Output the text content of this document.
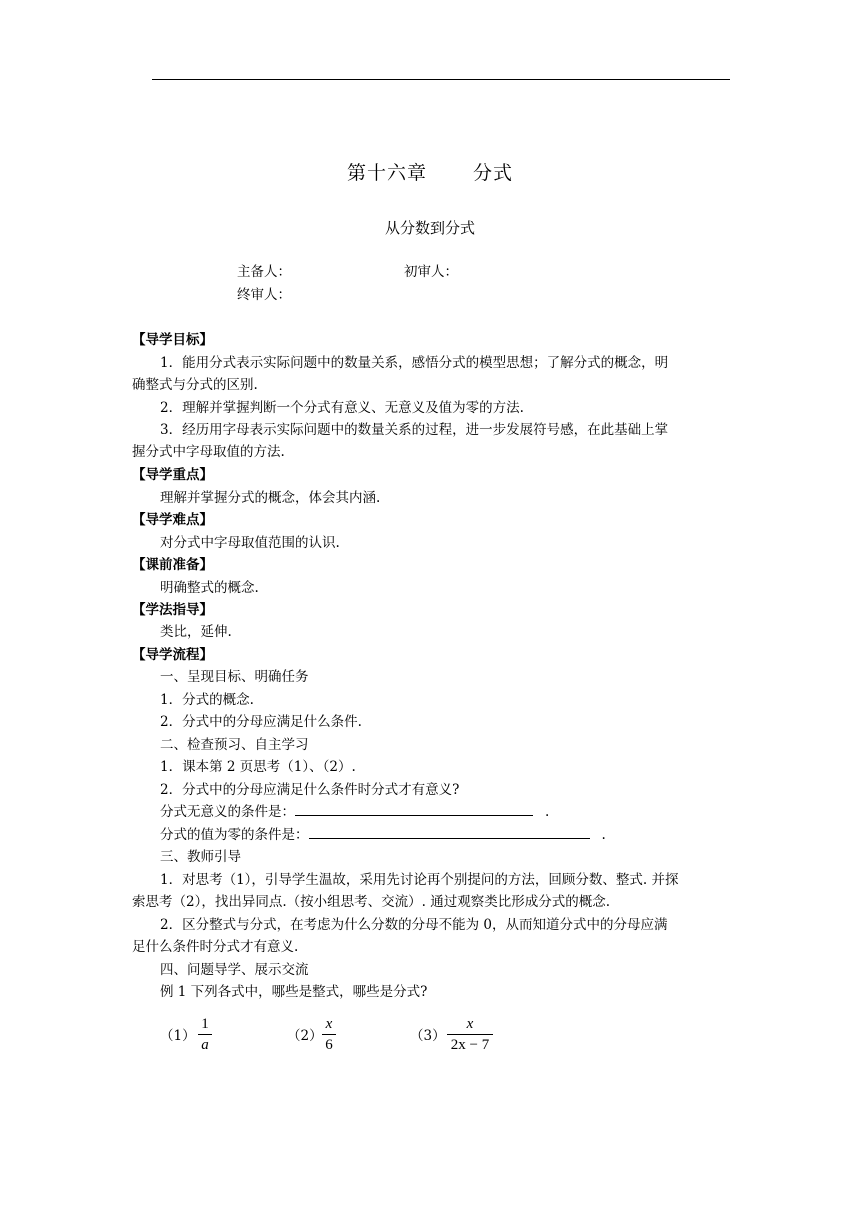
第十六章 分式
从分数到分式
主备人：	初审人：
终审人：
【导学目标】
1．能用分式表示实际问题中的数量关系，感悟分式的模型思想；了解分式的概念，明
确整式与分式的区别.
2．理解并掌握判断一个分式有意义、无意义及值为零的方法.
3．经历用字母表示实际问题中的数量关系的过程，进一步发展符号感，在此基础上掌
握分式中字母取值的方法.
【导学重点】
理解并掌握分式的概念，体会其内涵.
【导学难点】
对分式中字母取值范围的认识.
【课前准备】
明确整式的概念.
【学法指导】
类比，延伸.
【导学流程】
一、呈现目标、明确任务
1．分式的概念.
2．分式中的分母应满足什么条件.
二、检查预习、自主学习
1．课本第 2 页思考（1）、（2）.
2．分式中的分母应满足什么条件时分式才有意义?
分式无意义的条件是：	.
分式的值为零的条件是：	.
三、教师引导
1．对思考（1），引导学生温故，采用先讨论再个别提问的方法，回顾分数、整式. 并探
索思考（2），找出异同点.（按小组思考、交流）. 通过观察类比形成分式的概念.
2．区分整式与分式，在考虑为什么分数的分母不能为 0，从而知道分式中的分母应满
足什么条件时分式才有意义.
四、问题导学、展示交流
例 1 下列各式中，哪些是整式，哪些是分式?
（1）
1
a
（2）
x
6
（3）
x
2x − 7
